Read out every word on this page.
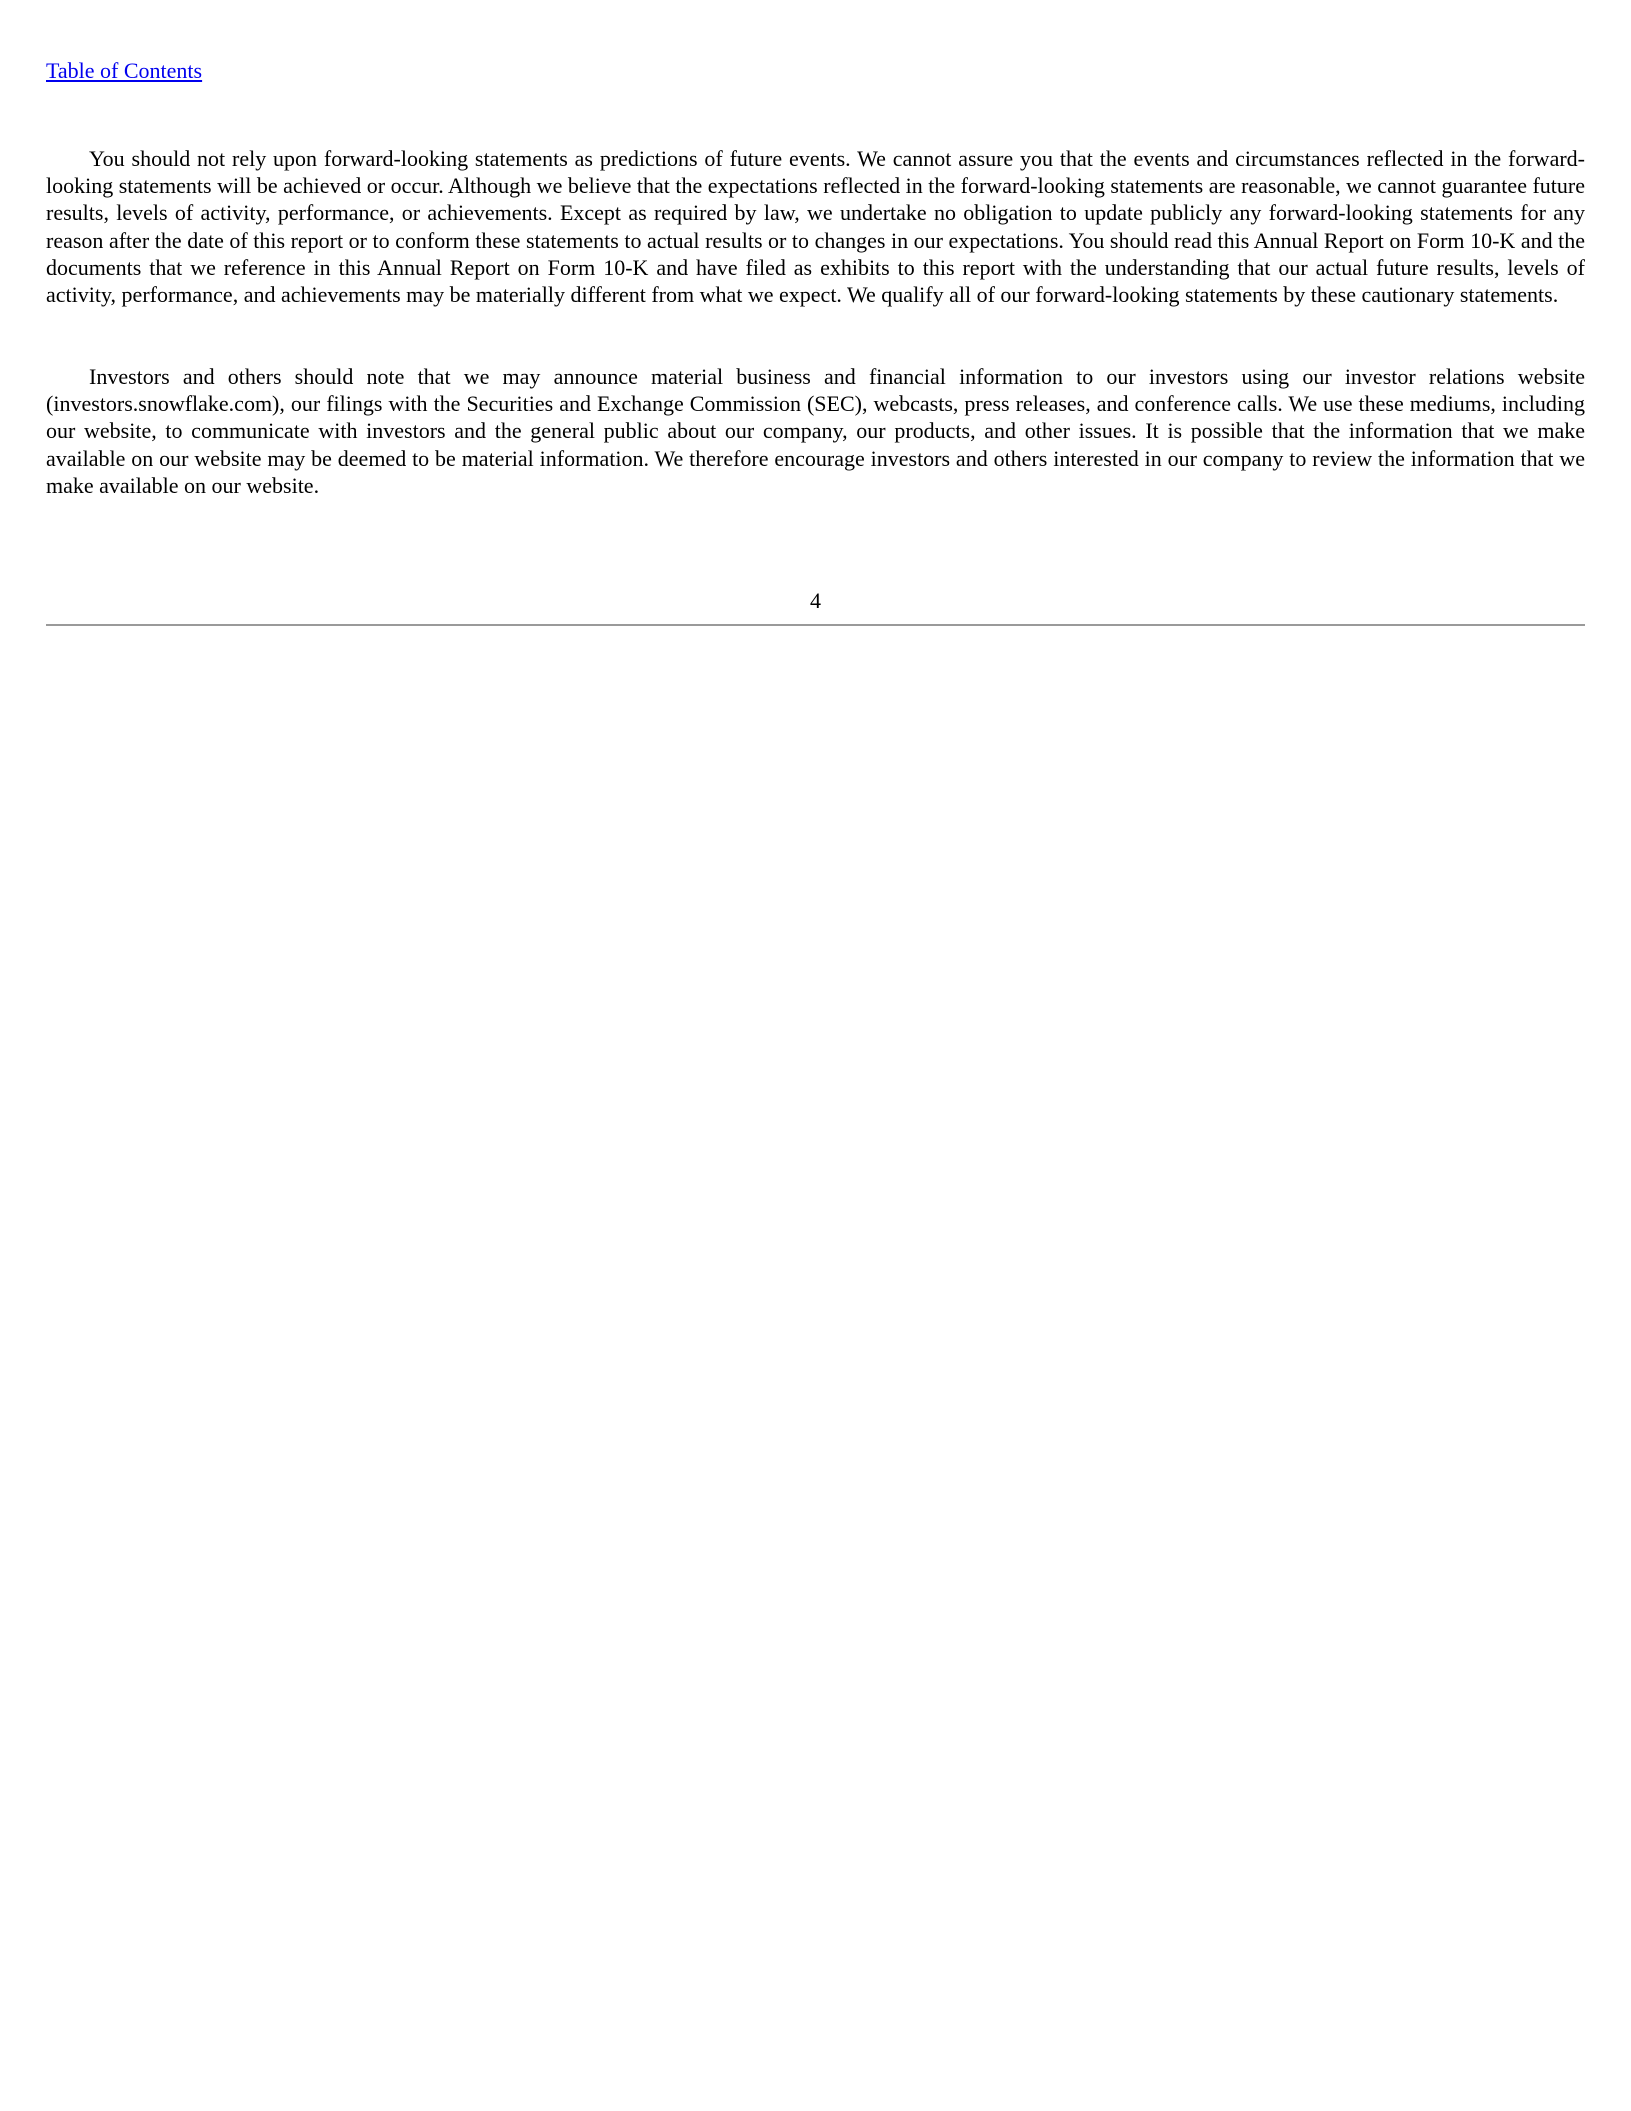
Table of Contents

You should not rely upon forward-looking statements as predictions of future events. We cannot assure you that the events and circumstances reflected in the forward-looking statements will be achieved or occur. Although we believe that the expectations reflected in the forward-looking statements are reasonable, we cannot guarantee future results, levels of activity, performance, or achievements. Except as required by law, we undertake no obligation to update publicly any forward-looking statements for any reason after the date of this report or to conform these statements to actual results or to changes in our expectations. You should read this Annual Report on Form 10-K and the documents that we reference in this Annual Report on Form 10-K and have filed as exhibits to this report with the understanding that our actual future results, levels of activity, performance, and achievements may be materially different from what we expect. We qualify all of our forward-looking statements by these cautionary statements.

Investors and others should note that we may announce material business and financial information to our investors using our investor relations website (investors.snowflake.com), our filings with the Securities and Exchange Commission (SEC), webcasts, press releases, and conference calls. We use these mediums, including our website, to communicate with investors and the general public about our company, our products, and other issues. It is possible that the information that we make available on our website may be deemed to be material information. We therefore encourage investors and others interested in our company to review the information that we make available on our website.

4
